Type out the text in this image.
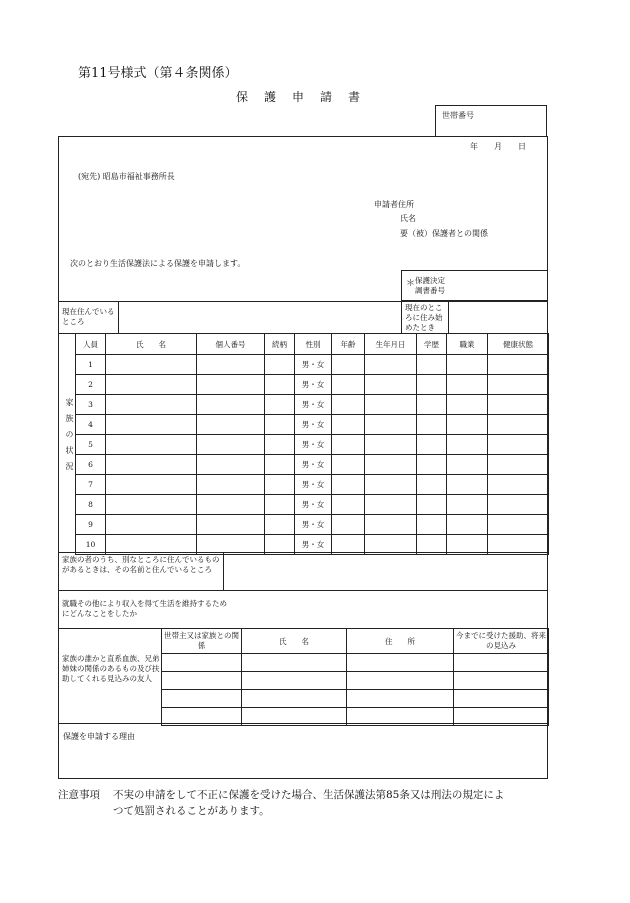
第11号様式（第４条関係）
保　護　申　請　書
世帯番号
年　　月　　日
(宛先) 昭島市福祉事務所長
申請者住所
氏名
要（被）保護者との関係
次のとおり生活保護法による保護を申請します。
＊ 保護決定
調書番号
現在住んでいるところ
現在のところに住み始めたとき
家族の状況
人員	氏　　名	個人番号	続柄	性別	年齢	生年月日	学歴	職業	健康状態
1				男・女					
2				男・女					
3				男・女					
4				男・女					
5				男・女					
6				男・女					
7				男・女					
8				男・女					
9				男・女					
10				男・女					
家族の者のうち、別なところに住んでいるものがあるときは、その名前と住んでいるところ
就職その他により収入を得て生活を維持するためにどんなことをしたか
家族の誰かと直系血族、兄弟姉妹の関係のあるもの及び扶助してくれる見込みの友人
世帯主又は家族との関係	氏　　名	住　　所	今までに受けた援助、将来の見込み

保護を申請する理由
注意事項 不実の申請をして不正に保護を受けた場合、生活保護法第85条又は刑法の規定によ
つて処罰されることがあります。
